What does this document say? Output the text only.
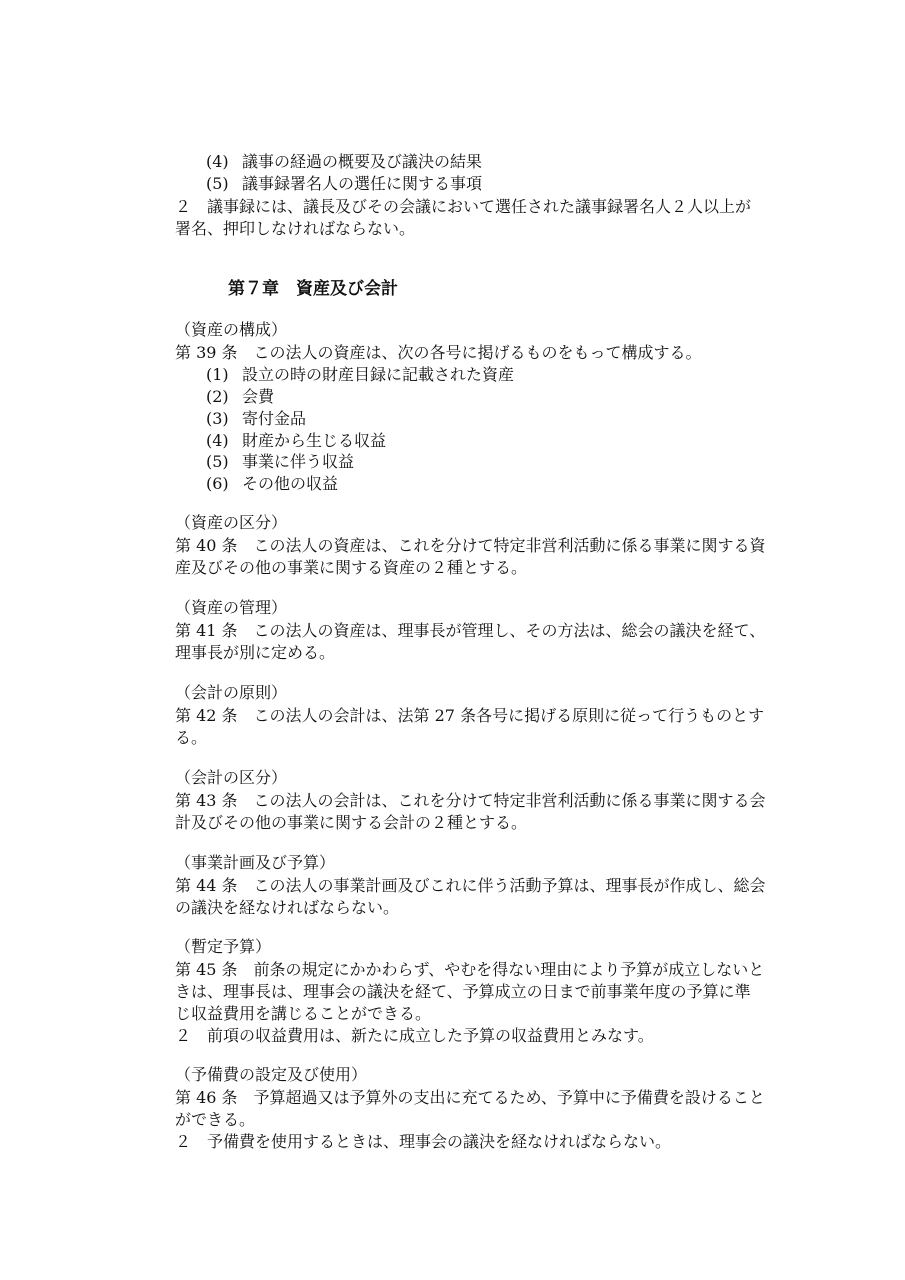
(4) 議事の経過の概要及び議決の結果
(5) 議事録署名人の選任に関する事項
２　議事録には、議長及びその会議において選任された議事録署名人２人以上が
署名、押印しなければならない。
第７章　資産及び会計
（資産の構成）
第 39 条　この法人の資産は、次の各号に掲げるものをもって構成する。
(1) 設立の時の財産目録に記載された資産
(2) 会費
(3) 寄付金品
(4) 財産から生じる収益
(5) 事業に伴う収益
(6) その他の収益
（資産の区分）
第 40 条　この法人の資産は、これを分けて特定非営利活動に係る事業に関する資
産及びその他の事業に関する資産の２種とする。
（資産の管理）
第 41 条　この法人の資産は、理事長が管理し、その方法は、総会の議決を経て、
理事長が別に定める。
（会計の原則）
第 42 条　この法人の会計は、法第 27 条各号に掲げる原則に従って行うものとす
る。
（会計の区分）
第 43 条　この法人の会計は、これを分けて特定非営利活動に係る事業に関する会
計及びその他の事業に関する会計の２種とする。
（事業計画及び予算）
第 44 条　この法人の事業計画及びこれに伴う活動予算は、理事長が作成し、総会
の議決を経なければならない。
（暫定予算）
第 45 条　前条の規定にかかわらず、やむを得ない理由により予算が成立しないと
きは、理事長は、理事会の議決を経て、予算成立の日まで前事業年度の予算に準
じ収益費用を講じることができる。
２　前項の収益費用は、新たに成立した予算の収益費用とみなす。
（予備費の設定及び使用）
第 46 条　予算超過又は予算外の支出に充てるため、予算中に予備費を設けること
ができる。
２　予備費を使用するときは、理事会の議決を経なければならない。
